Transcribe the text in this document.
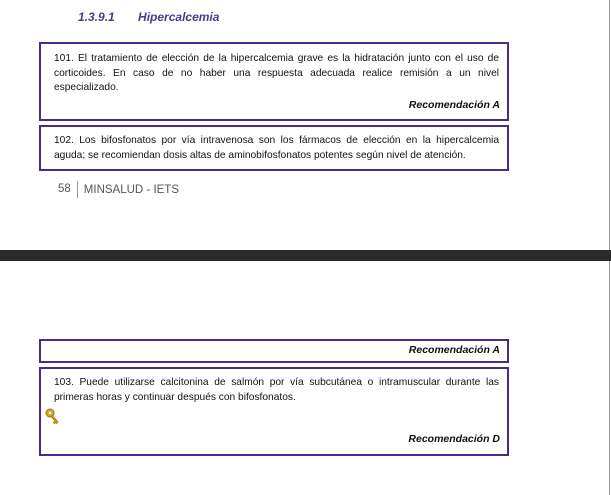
1.3.9.1 Hipercalcemia
101. El tratamiento de elección de la hipercalcemia grave es la hidratación junto con el uso de corticoides. En caso de no haber una respuesta adecuada realice remisión a un nivel especializado.
Recomendación A
102. Los bifosfonatos por vía intravenosa son los fármacos de elección en la hipercalcemia aguda; se recomiendan dosis altas de aminobifosfonatos potentes según nivel de atención.
58	MINSALUD - IETS
Recomendación A
103. Puede utilizarse calcitonina de salmón por vía subcutánea o intramuscular durante las primeras horas y continuar después con bifosfonatos.
Recomendación D
